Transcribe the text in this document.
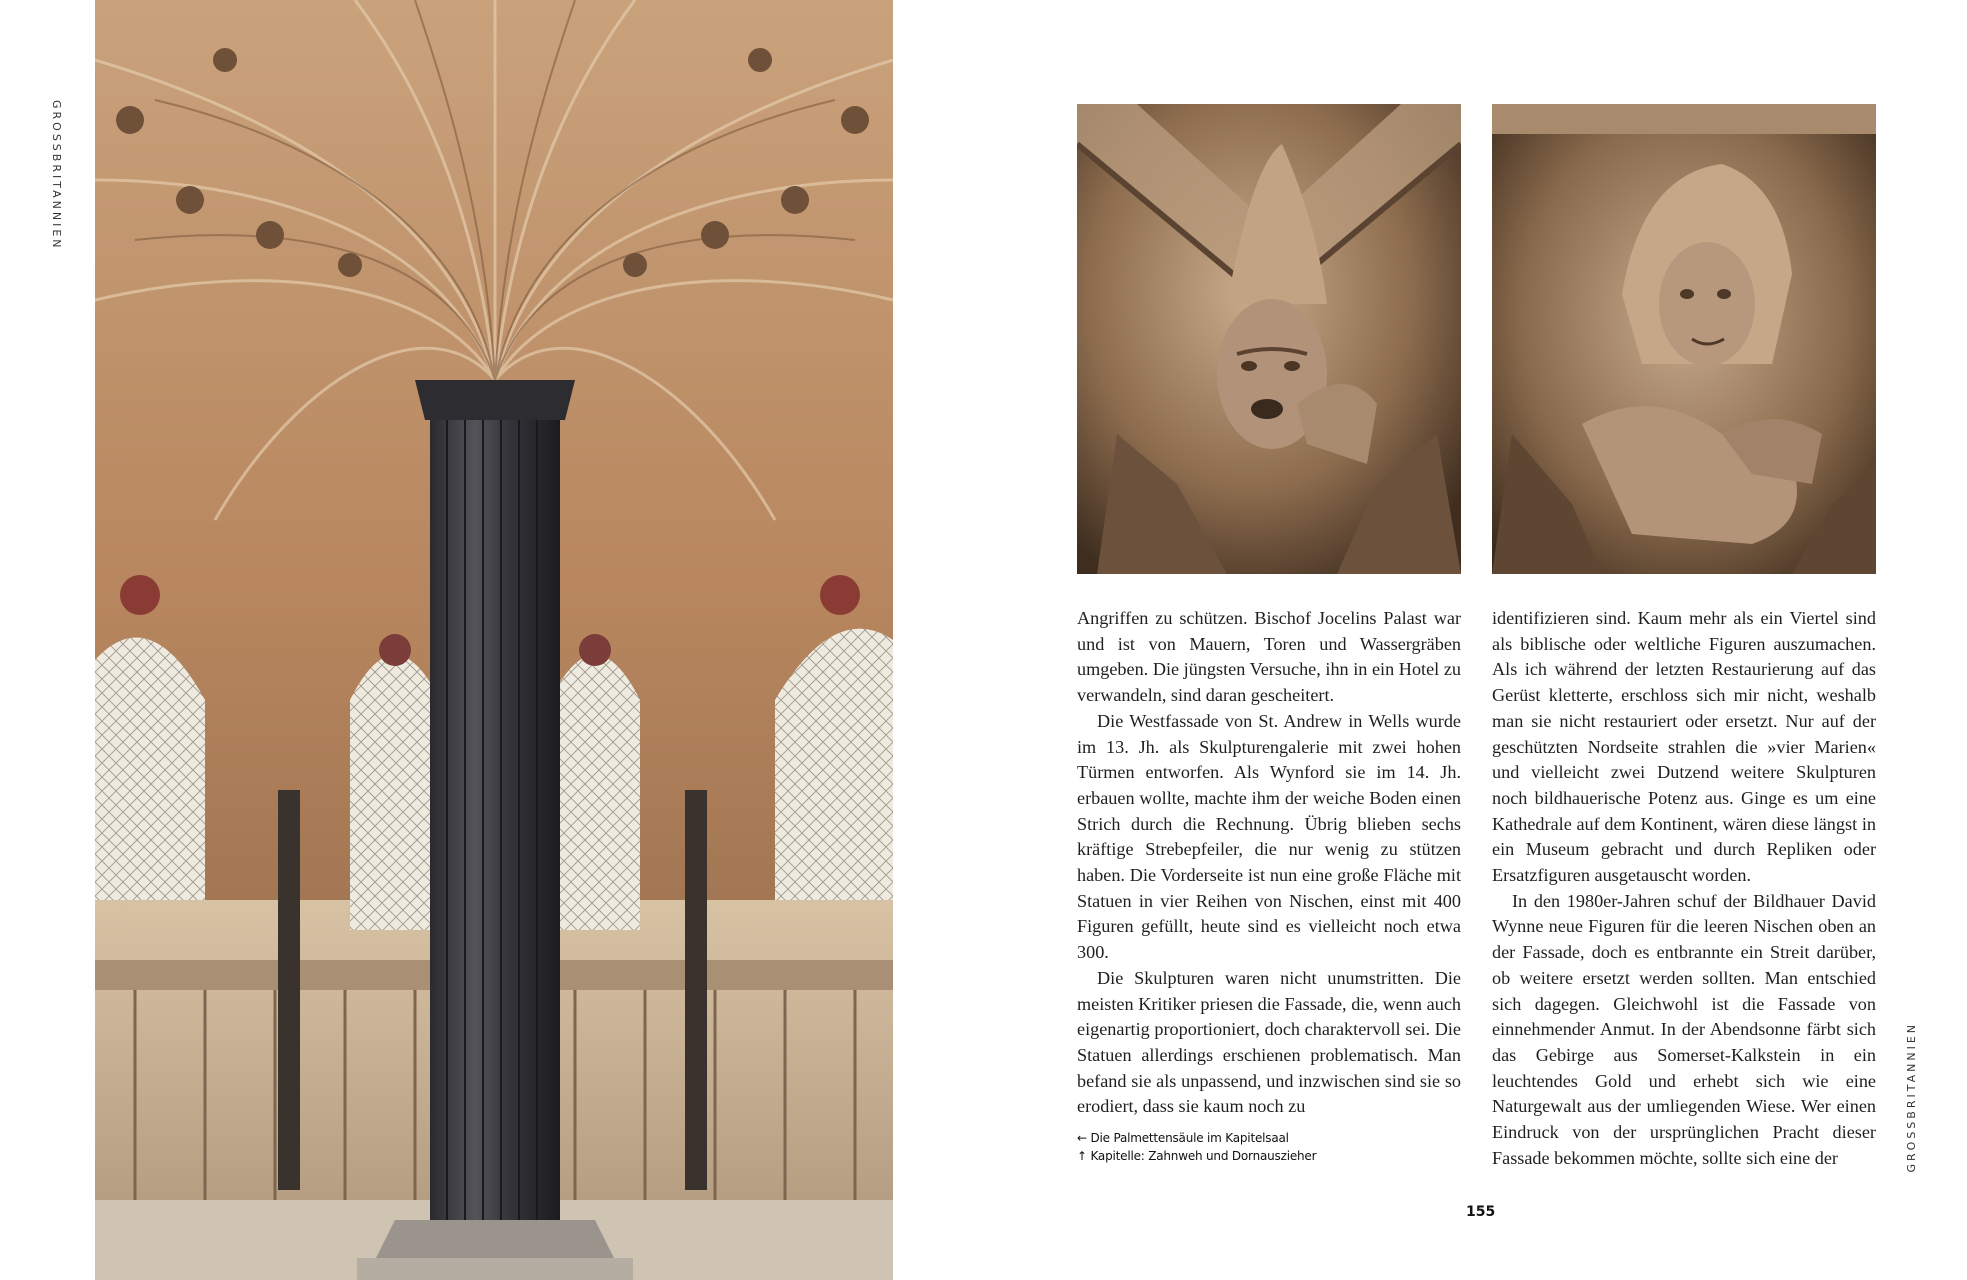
GROSSBRITANNIEN
GROSSBRITANNIEN

Angriffen zu schützen. Bischof Jocelins Palast war und ist von Mauern, Toren und Wassergräben umgeben. Die jüngsten Versuche, ihn in ein Hotel zu verwandeln, sind daran gescheitert.

Die Westfassade von St. Andrew in Wells wurde im 13. Jh. als Skulpturengalerie mit zwei hohen Türmen entworfen. Als Wynford sie im 14. Jh. erbauen wollte, machte ihm der weiche Boden einen Strich durch die Rechnung. Übrig blieben sechs kräftige Strebepfeiler, die nur wenig zu stützen haben. Die Vorderseite ist nun eine große Fläche mit Statuen in vier Reihen von Nischen, einst mit 400 Figuren gefüllt, heute sind es vielleicht noch etwa 300.

Die Skulpturen waren nicht unumstritten. Die meisten Kritiker priesen die Fassade, die, wenn auch eigenartig proportioniert, doch charaktervoll sei. Die Statuen allerdings erschienen problematisch. Man befand sie als unpassend, und inzwischen sind sie so erodiert, dass sie kaum noch zu

identifizieren sind. Kaum mehr als ein Viertel sind als biblische oder weltliche Figuren auszumachen. Als ich während der letzten Restaurierung auf das Gerüst kletterte, erschloss sich mir nicht, weshalb man sie nicht restauriert oder ersetzt. Nur auf der geschützten Nordseite strahlen die »vier Marien« und vielleicht zwei Dutzend weitere Skulpturen noch bildhauerische Potenz aus. Ginge es um eine Kathedrale auf dem Kontinent, wären diese längst in ein Museum gebracht und durch Repliken oder Ersatzfiguren ausgetauscht worden.

In den 1980er-Jahren schuf der Bildhauer David Wynne neue Figuren für die leeren Nischen oben an der Fassade, doch es entbrannte ein Streit darüber, ob weitere ersetzt werden sollten. Man entschied sich dagegen. Gleichwohl ist die Fassade von einnehmender Anmut. In der Abendsonne färbt sich das Gebirge aus Somerset-Kalkstein in ein leuchtendes Gold und erhebt sich wie eine Naturgewalt aus der umliegenden Wiese. Wer einen Eindruck von der ursprünglichen Pracht dieser Fassade bekommen möchte, sollte sich eine der

← Die Palmettensäule im Kapitelsaal
↑ Kapitelle: Zahnweh und Dornauszieher
155
